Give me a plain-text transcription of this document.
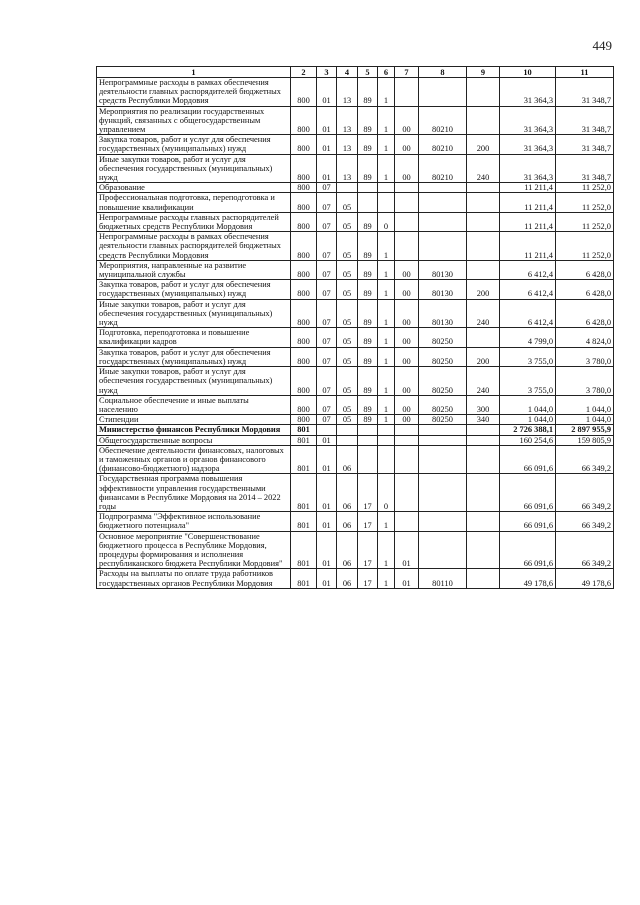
449
1	2	3	4	5	6	7	8	9	10	11
Непрограммные расходы в рамках обеспечения деятельности главных распорядителей бюджетных средств Республики Мордовия	800	01	13	89	1				31 364,3	31 348,7
Мероприятия по реализации государственных функций, связанных с общегосударственным управлением	800	01	13	89	1	00	80210		31 364,3	31 348,7
Закупка товаров, работ и услуг для обеспечения государственных (муниципальных) нужд	800	01	13	89	1	00	80210	200	31 364,3	31 348,7
Иные закупки товаров, работ и услуг для обеспечения государственных (муниципальных) нужд	800	01	13	89	1	00	80210	240	31 364,3	31 348,7
Образование	800	07							11 211,4	11 252,0
Профессиональная подготовка, переподготовка и повышение квалификации	800	07	05						11 211,4	11 252,0
Непрограммные расходы главных распорядителей бюджетных средств Республики Мордовия	800	07	05	89	0				11 211,4	11 252,0
Непрограммные расходы в рамках обеспечения деятельности главных распорядителей бюджетных средств Республики Мордовия	800	07	05	89	1				11 211,4	11 252,0
Мероприятия, направленные на развитие муниципальной службы	800	07	05	89	1	00	80130		6 412,4	6 428,0
Закупка товаров, работ и услуг для обеспечения государственных (муниципальных) нужд	800	07	05	89	1	00	80130	200	6 412,4	6 428,0
Иные закупки товаров, работ и услуг для обеспечения государственных (муниципальных) нужд	800	07	05	89	1	00	80130	240	6 412,4	6 428,0
Подготовка, переподготовка и повышение квалификации кадров	800	07	05	89	1	00	80250		4 799,0	4 824,0
Закупка товаров, работ и услуг для обеспечения государственных (муниципальных) нужд	800	07	05	89	1	00	80250	200	3 755,0	3 780,0
Иные закупки товаров, работ и услуг для обеспечения государственных (муниципальных) нужд	800	07	05	89	1	00	80250	240	3 755,0	3 780,0
Социальное обеспечение и иные выплаты населению	800	07	05	89	1	00	80250	300	1 044,0	1 044,0
Стипендии	800	07	05	89	1	00	80250	340	1 044,0	1 044,0
Министерство финансов Республики Мордовия	801								2 726 388,1	2 897 955,9
Общегосударственные вопросы	801	01							160 254,6	159 805,9
Обеспечение деятельности финансовых, налоговых и таможенных органов и органов финансового (финансово-бюджетного) надзора	801	01	06						66 091,6	66 349,2
Государственная программа повышения эффективности управления государственными финансами в Республике Мордовия на 2014 – 2022 годы	801	01	06	17	0				66 091,6	66 349,2
Подпрограмма "Эффективное использование бюджетного потенциала"	801	01	06	17	1				66 091,6	66 349,2
Основное мероприятие "Совершенствование бюджетного процесса в Республике Мордовия, процедуры формирования и исполнения республиканского бюджета Республики Мордовия"	801	01	06	17	1	01			66 091,6	66 349,2
Расходы на выплаты по оплате труда работников государственных органов Республики Мордовия	801	01	06	17	1	01	80110		49 178,6	49 178,6
